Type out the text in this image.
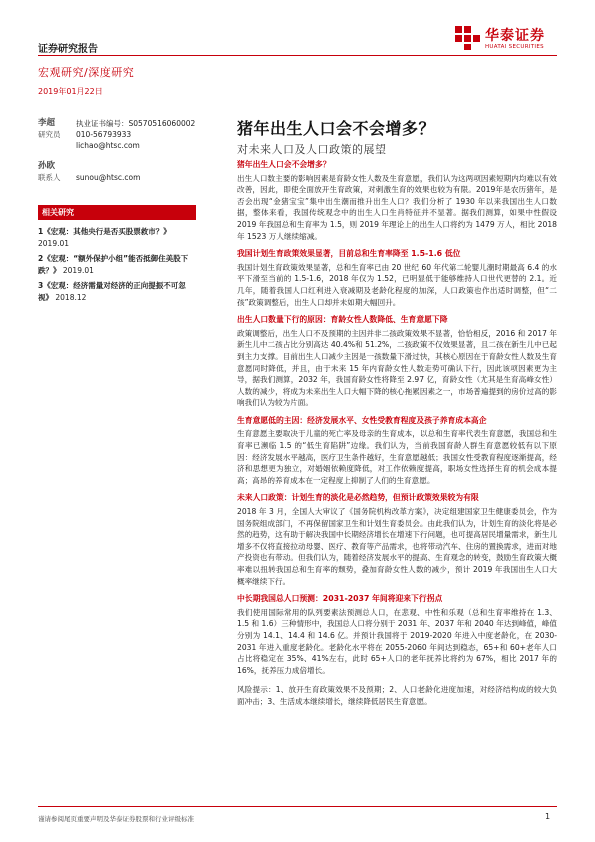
证券研究报告
宏观研究/深度研究
2019年01月22日
华泰证券
HUATAI SECURITIES
李超	执业证书编号：S0570516060002
研究员	010-56793933
lichao@htsc.com
孙欧
联系人	sunou@htsc.com
相关研究
1《宏观：其他央行是否买股票救市？》
2019.01
2《宏观：“额外保护小组”能否抵御住美股下跌？》 2019.01
3《宏观：经济需量对经济的正向提振不可忽视》 2018.12
猪年出生人口会不会增多？
对未来人口及人口政策的展望
猪年出生人口会不会增多？

出生人口数主要的影响因素是育龄女性人数及生育意愿，我们认为这两项因素短期内均难以有效改善，因此，即使全面放开生育政策，对刺激生育的效果也较为有限。2019年是农历猪年，是否会出现“金猪宝宝”集中出生潮而推升出生人口？我们分析了 1930 年以来我国出生人口数据，整体来看，我国传统观念中的出生人口生肖特征并不显著。据我们测算，如果中性假设 2019 年我国总和生育率为 1.5，则 2019 年理论上的出生人口将约为 1479 万人，相比 2018 年 1523 万人继续缩减。

我国计划生育政策效果显著，目前总和生育率降至 1.5-1.6 低位

我国计划生育政策效果显著，总和生育率已由 20 世纪 60 年代第二轮婴儿潮时期最高 6.4 的水平下滑至当前的 1.5-1.6，2018 年仅为 1.52，已明显低于能够维持人口世代更替的 2.1。近几年，随着我国人口红利进入衰减期及老龄化程度的加深，人口政策也作出适时调整，但“二孩”政策调整后，出生人口却并未如期大幅回升。

出生人口数量下行的原因：育龄女性人数降低、生育意愿下降

政策调整后，出生人口不及预期的主因并非二孩政策效果不显著，恰恰相反，2016 和 2017 年新生儿中二孩占比分别高达 40.4%和 51.2%，二孩政策不仅效果显著，且二孩在新生儿中已起到主力支撑。目前出生人口减少主因是一孩数量下滑过快，其核心原因在于育龄女性人数及生育意愿同时降低，并且，由于未来 15 年内育龄女性人数走势可确认下行，因此该项因素更为主导，据我们测算，2032 年，我国育龄女性将降至 2.97 亿，育龄女性（尤其是生育高峰女性）人数的减少，将成为未来出生人口大幅下降的核心拖累因素之一，市场普遍提到的房价过高的影响我们认为较为片面。

生育意愿低的主因：经济发展水平、女性受教育程度及孩子养育成本高企

生育意愿主要取决于儿童的死亡率及母亲的生育成本，以总和生育率代表生育意愿，我国总和生育率已濒临 1.5 的“低生育陷阱”边缘。我们认为，当前我国育龄人群生育意愿较低有以下原因：经济发展水平越高，医疗卫生条件越好，生育意愿越低；我国女性受教育程度逐渐提高，经济和思想更为独立，对婚姻依赖度降低，对工作依赖度提高，职场女性选择生育的机会成本提高；高昂的养育成本在一定程度上抑制了人们的生育意愿。

未来人口政策：计划生育的淡化是必然趋势，但预计政策效果较为有限

2018 年 3 月，全国人大审议了《国务院机构改革方案》，决定组建国家卫生健康委员会，作为国务院组成部门，不再保留国家卫生和计划生育委员会。由此我们认为，计划生育的淡化将是必然的趋势，这有助于解决我国中长期经济增长在增速下行问题，也可提高居民增量需求，新生儿增多不仅将直接拉动母婴、医疗、教育等产品需求，也将带动汽车、住房的置换需求，进而对地产投资也有带动。但我们认为，随着经济发展水平的提高、生育观念的转变，鼓励生育政策大概率难以扭转我国总和生育率的颓势，叠加育龄女性人数的减少，预计 2019 年我国出生人口大概率继续下行。

中长期我国总人口预测：2031-2037 年间将迎来下行拐点

我们使用国际常用的队列要素法预测总人口，在悲观、中性和乐观（总和生育率维持在 1.3、1.5 和 1.6）三种情形中，我国总人口将分别于 2031 年、2037 年和 2040 年达到峰值，峰值分别为 14.1、14.4 和 14.6 亿。并预计我国将于 2019-2020 年进入中度老龄化，在 2030-2031 年进入重度老龄化。老龄化水平将在 2055-2060 年间达到稳态，65+和 60+老年人口占比将稳定在 35%、41%左右，此时 65+人口的老年抚养比将约为 67%，相比 2017 年的 16%，抚养压力成倍增长。

风险提示：1、放开生育政策效果不及预期；2、人口老龄化进度加速，对经济结构成的较大负面冲击；3、生活成本继续增长，继续降低居民生育意愿。

谨请参阅尾页重要声明及华泰证券股票和行业评级标准	1
